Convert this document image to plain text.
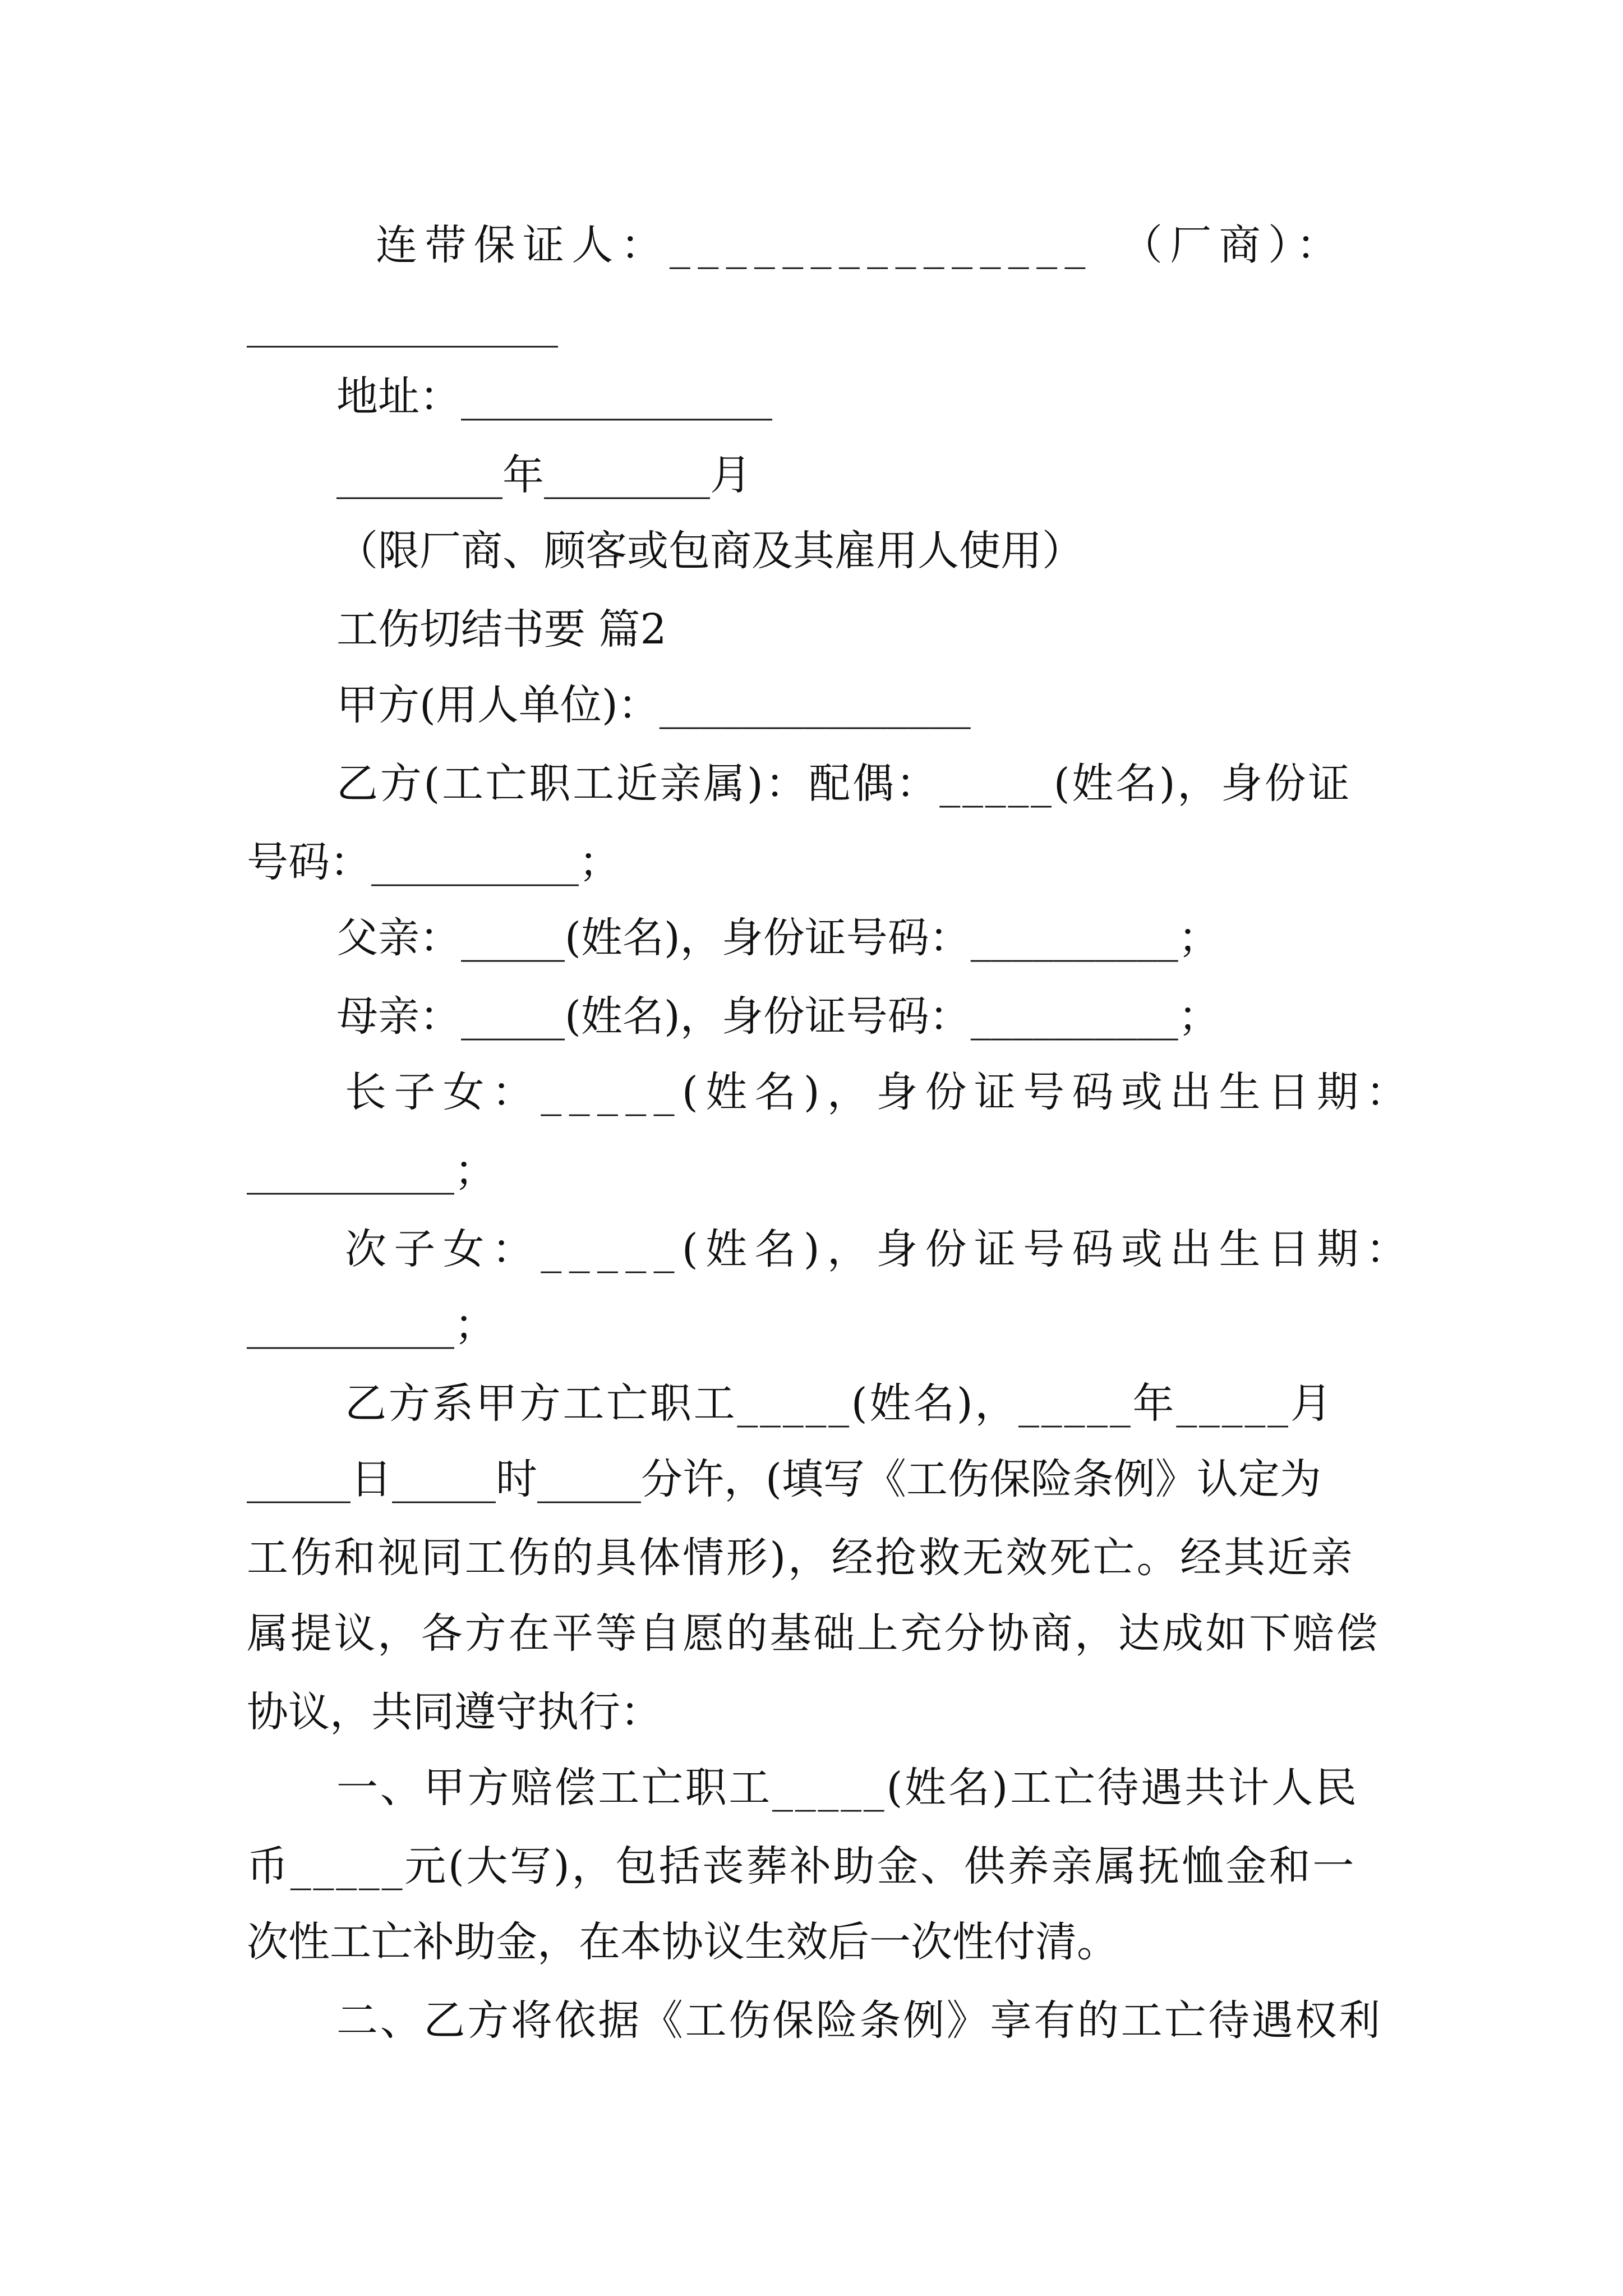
连带保证人：_______________　（厂商）：
_______________
地址：_______________
________年________月
（限厂商、顾客或包商及其雇用人使用）
工伤切结书要 篇2
甲方(用人单位)：_______________
乙方(工亡职工近亲属)：配偶：_____(姓名)，身份证
号码：__________；
父亲：_____(姓名)，身份证号码：__________；
母亲：_____(姓名)，身份证号码：__________；
长子女：_____(姓名)，身份证号码或出生日期：
__________；
次子女：_____(姓名)，身份证号码或出生日期：
__________；
乙方系甲方工亡职工_____(姓名)，_____年_____月
_____日_____时_____分许，(填写《工伤保险条例》认定为
工伤和视同工伤的具体情形)，经抢救无效死亡。经其近亲
属提议，各方在平等自愿的基础上充分协商，达成如下赔偿
协议，共同遵守执行：
一、甲方赔偿工亡职工_____(姓名)工亡待遇共计人民
币_____元(大写)，包括丧葬补助金、供养亲属抚恤金和一
次性工亡补助金，在本协议生效后一次性付清。
二、乙方将依据《工伤保险条例》享有的工亡待遇权利
